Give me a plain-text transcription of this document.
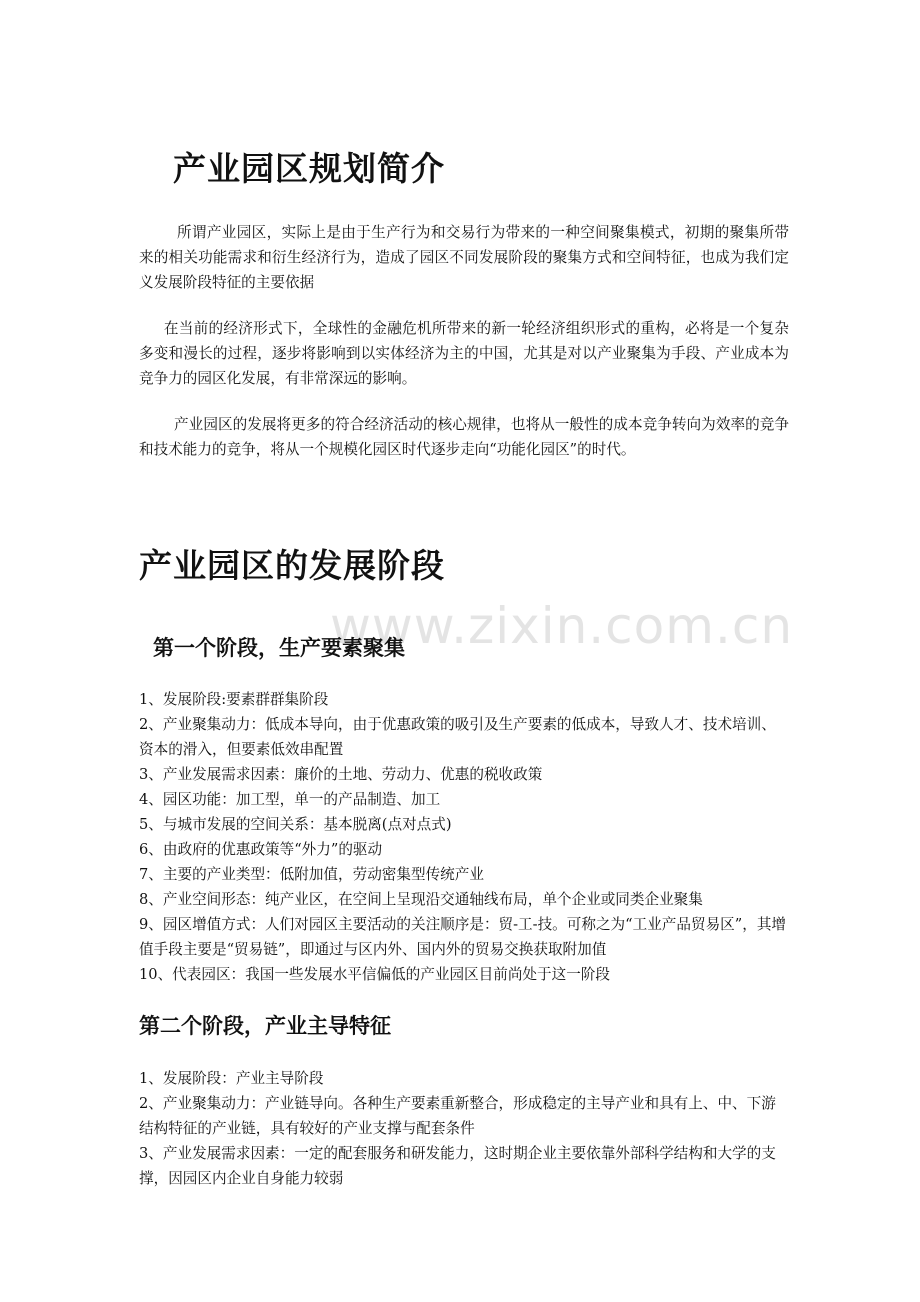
www.zixin.com.cn
产业园区规划简介

所谓产业园区，实际上是由于生产行为和交易行为带来的一种空间聚集模式，初期的聚集所带来的相关功能需求和衍生经济行为，造成了园区不同发展阶段的聚集方式和空间特征，也成为我们定义发展阶段特征的主要依据

在当前的经济形式下，全球性的金融危机所带来的新一轮经济组织形式的重构，必将是一个复杂多变和漫长的过程，逐步将影响到以实体经济为主的中国，尤其是对以产业聚集为手段、产业成本为竞争力的园区化发展，有非常深远的影响。

产业园区的发展将更多的符合经济活动的核心规律，也将从一般性的成本竞争转向为效率的竞争和技术能力的竞争，将从一个规模化园区时代逐步走向“功能化园区”的时代。

产业园区的发展阶段
第一个阶段，生产要素聚集
1、发展阶段:要素群群集阶段
2、产业聚集动力：低成本导向，由于优惠政策的吸引及生产要素的低成本，导致人才、技术培训、资本的滑入，但要素低效串配置
3、产业发展需求因素：廉价的土地、劳动力、优惠的税收政策
4、园区功能：加工型，单一的产品制造、加工
5、与城市发展的空间关系：基本脱离(点对点式)
6、由政府的优惠政策等“外力”的驱动
7、主要的产业类型：低附加值，劳动密集型传统产业
8、产业空间形态：纯产业区，在空间上呈现沿交通轴线布局，单个企业或同类企业聚集
9、园区增值方式：人们对园区主要活动的关注顺序是：贸-工-技。可称之为“工业产品贸易区”，其增值手段主要是“贸易链”，即通过与区内外、国内外的贸易交换获取附加值
10、代表园区：我国一些发展水平信偏低的产业园区目前尚处于这一阶段
第二个阶段，产业主导特征
1、发展阶段：产业主导阶段
2、产业聚集动力：产业链导向。各种生产要素重新整合，形成稳定的主导产业和具有上、中、下游结构特征的产业链，具有较好的产业支撑与配套条件
3、产业发展需求因素：一定的配套服务和研发能力，这时期企业主要依靠外部科学结构和大学的支撑，因园区内企业自身能力较弱
